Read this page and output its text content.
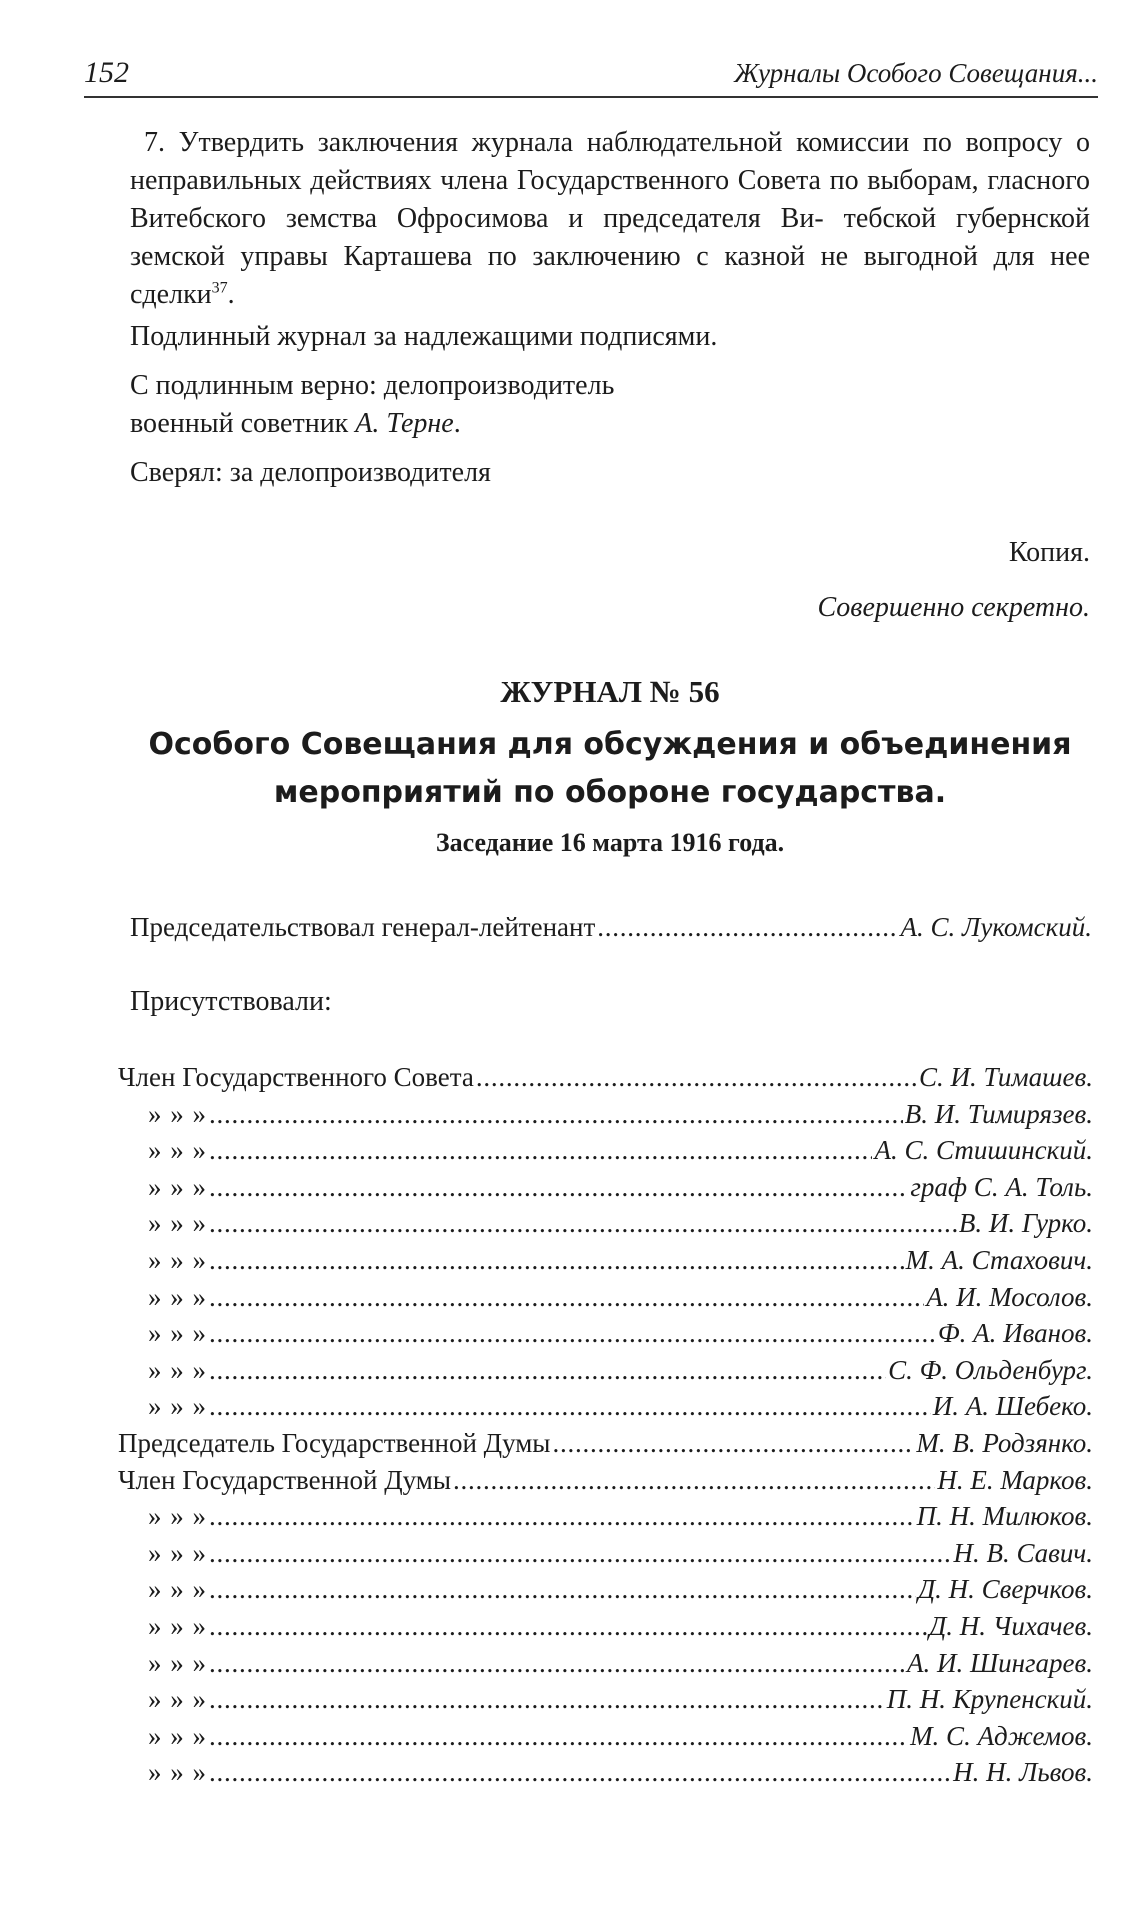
152	Журналы Особого Совещания...

7. Утвердить заключения журнала наблюдательной комиссии по вопросу о неправильных действиях члена Государственного Совета по выборам, гласного Витебского земства Офросимова и председателя Ви- тебской губернской земской управы Карташева по заключению с казной не выгодной для нее сделки$^{37}$.

Подлинный журнал за надлежащими подписями.

С подлинным верно: делопроизводитель

военный советник А. Терне.

Сверял: за делопроизводителя

Копия.

Совершенно секретно.

ЖУРНАЛ № 56

Особого Совещания для обсуждения и объединения

мероприятий по обороне государства.

Заседание 16 марта 1916 года.

Председательствовал генерал-лейтенант . . .	А. С. Лукомский.

Присутствовали:

Член Государственного Совета . . .	С. И. Тимашев.
» » » . . .	В. И. Тимирязев.
» » » . . .	А. С. Стишинский.
» » » . . .	граф С. А. Толь.
» » » . . .	В. И. Гурко.
» » » . . .	М. А. Стахович.
» » » . . .	А. И. Мосолов.
» » » . . .	Ф. А. Иванов.
» » » . . .	С. Ф. Ольденбург.
» » » . . .	И. А. Шебеко.
Председатель Государственной Думы . . .	М. В. Родзянко.
Член Государственной Думы . . .	Н. Е. Марков.
» » » . . .	П. Н. Милюков.
» » » . . .	Н. В. Савич.
» » » . . .	Д. Н. Сверчков.
» » » . . .	Д. Н. Чихачев.
» » » . . .	А. И. Шингарев.
» » » . . .	П. Н. Крупенский.
» » » . . .	М. С. Аджемов.
» » » . . .	Н. Н. Львов.
